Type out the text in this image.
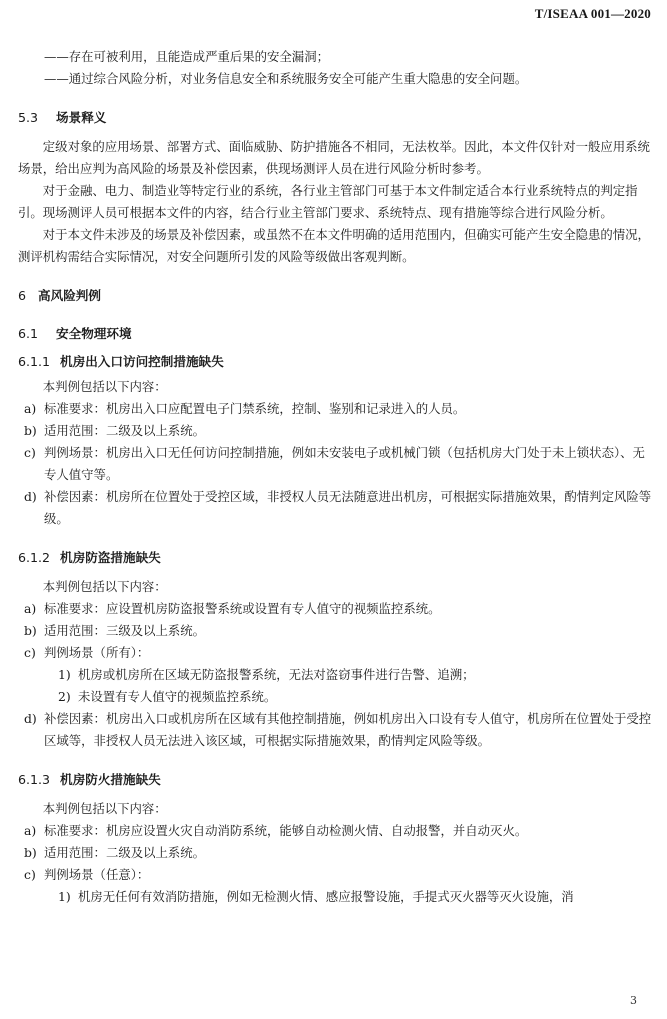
T/ISEAA 001—2020

——存在可被利用，且能造成严重后果的安全漏洞；

——通过综合风险分析，对业务信息安全和系统服务安全可能产生重大隐患的安全问题。

5.3 场景释义

定级对象的应用场景、部署方式、面临威胁、防护措施各不相同，无法枚举。因此，本文件仅针对一般应用系统场景，给出应判为高风险的场景及补偿因素，供现场测评人员在进行风险分析时参考。

对于金融、电力、制造业等特定行业的系统，各行业主管部门可基于本文件制定适合本行业系统特点的判定指引。现场测评人员可根据本文件的内容，结合行业主管部门要求、系统特点、现有措施等综合进行风险分析。

对于本文件未涉及的场景及补偿因素，或虽然不在本文件明确的适用范围内，但确实可能产生安全隐患的情况，测评机构需结合实际情况，对安全问题所引发的风险等级做出客观判断。

6 高风险判例
6.1 安全物理环境
6.1.1 机房出入口访问控制措施缺失

本判例包括以下内容：

a) 标准要求：机房出入口应配置电子门禁系统，控制、鉴别和记录进入的人员。
b) 适用范围：二级及以上系统。
c) 判例场景：机房出入口无任何访问控制措施，例如未安装电子或机械门锁（包括机房大门处于未上锁状态）、无专人值守等。
d) 补偿因素：机房所在位置处于受控区域，非授权人员无法随意进出机房，可根据实际措施效果，酌情判定风险等级。
6.1.2 机房防盗措施缺失

本判例包括以下内容：

a) 标准要求：应设置机房防盗报警系统或设置有专人值守的视频监控系统。
b) 适用范围：三级及以上系统。
c) 判例场景（所有）：
1) 机房或机房所在区域无防盗报警系统，无法对盗窃事件进行告警、追溯；
2) 未设置有专人值守的视频监控系统。
d) 补偿因素：机房出入口或机房所在区域有其他控制措施，例如机房出入口设有专人值守，机房所在位置处于受控区域等，非授权人员无法进入该区域，可根据实际措施效果，酌情判定风险等级。
6.1.3 机房防火措施缺失

本判例包括以下内容：

a) 标准要求：机房应设置火灾自动消防系统，能够自动检测火情、自动报警，并自动灭火。
b) 适用范围：二级及以上系统。
c) 判例场景（任意）：
1) 机房无任何有效消防措施，例如无检测火情、感应报警设施，手提式灭火器等灭火设施，消
3
